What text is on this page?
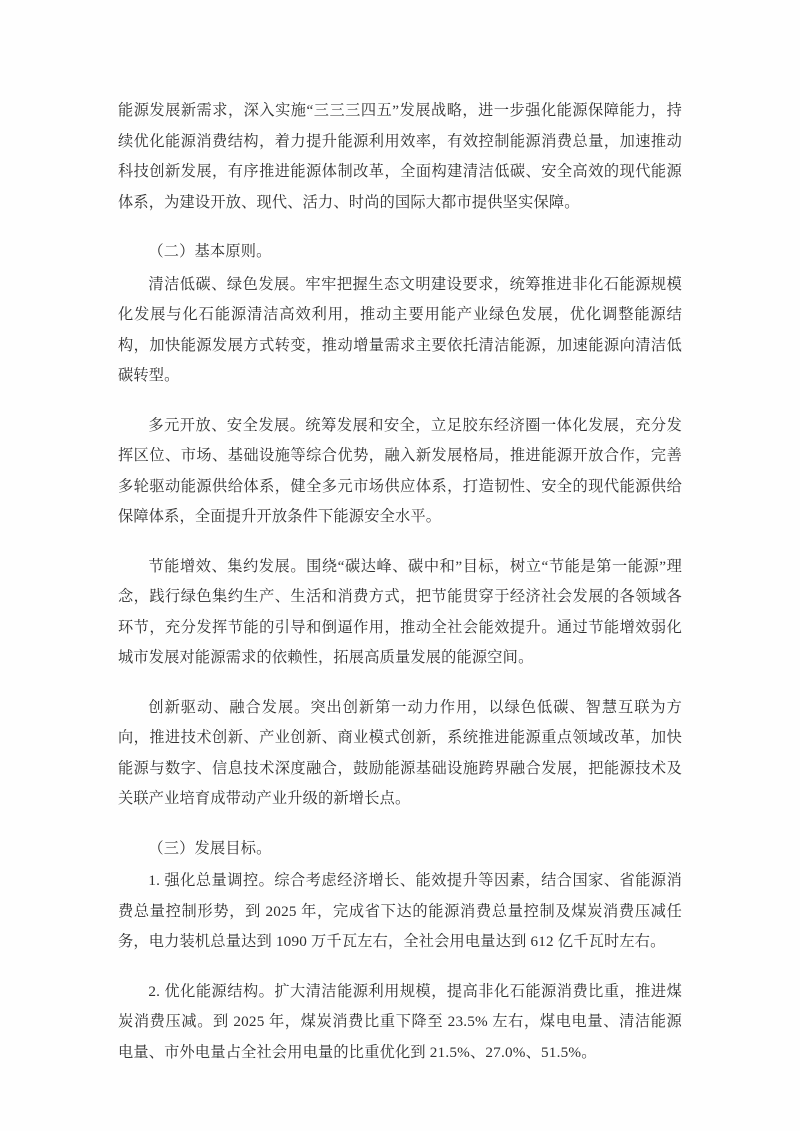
能源发展新需求，深入实施“三三三四五”发展战略，进一步强化能源保障能力，持续优化能源消费结构，着力提升能源利用效率，有效控制能源消费总量，加速推动科技创新发展，有序推进能源体制改革，全面构建清洁低碳、安全高效的现代能源体系，为建设开放、现代、活力、时尚的国际大都市提供坚实保障。

（二）基本原则。

清洁低碳、绿色发展。牢牢把握生态文明建设要求，统筹推进非化石能源规模化发展与化石能源清洁高效利用，推动主要用能产业绿色发展，优化调整能源结构，加快能源发展方式转变，推动增量需求主要依托清洁能源，加速能源向清洁低碳转型。

多元开放、安全发展。统筹发展和安全，立足胶东经济圈一体化发展，充分发挥区位、市场、基础设施等综合优势，融入新发展格局，推进能源开放合作，完善多轮驱动能源供给体系，健全多元市场供应体系，打造韧性、安全的现代能源供给保障体系，全面提升开放条件下能源安全水平。

节能增效、集约发展。围绕“碳达峰、碳中和”目标，树立“节能是第一能源”理念，践行绿色集约生产、生活和消费方式，把节能贯穿于经济社会发展的各领域各环节，充分发挥节能的引导和倒逼作用，推动全社会能效提升。通过节能增效弱化城市发展对能源需求的依赖性，拓展高质量发展的能源空间。

创新驱动、融合发展。突出创新第一动力作用，以绿色低碳、智慧互联为方向，推进技术创新、产业创新、商业模式创新，系统推进能源重点领域改革，加快能源与数字、信息技术深度融合，鼓励能源基础设施跨界融合发展，把能源技术及关联产业培育成带动产业升级的新增长点。

（三）发展目标。

1. 强化总量调控。综合考虑经济增长、能效提升等因素，结合国家、省能源消费总量控制形势，到 2025 年，完成省下达的能源消费总量控制及煤炭消费压减任务，电力装机总量达到 1090 万千瓦左右，全社会用电量达到 612 亿千瓦时左右。

2. 优化能源结构。扩大清洁能源利用规模，提高非化石能源消费比重，推进煤炭消费压减。到 2025 年，煤炭消费比重下降至 23.5% 左右，煤电电量、清洁能源电量、市外电量占全社会用电量的比重优化到 21.5%、27.0%、51.5%。
